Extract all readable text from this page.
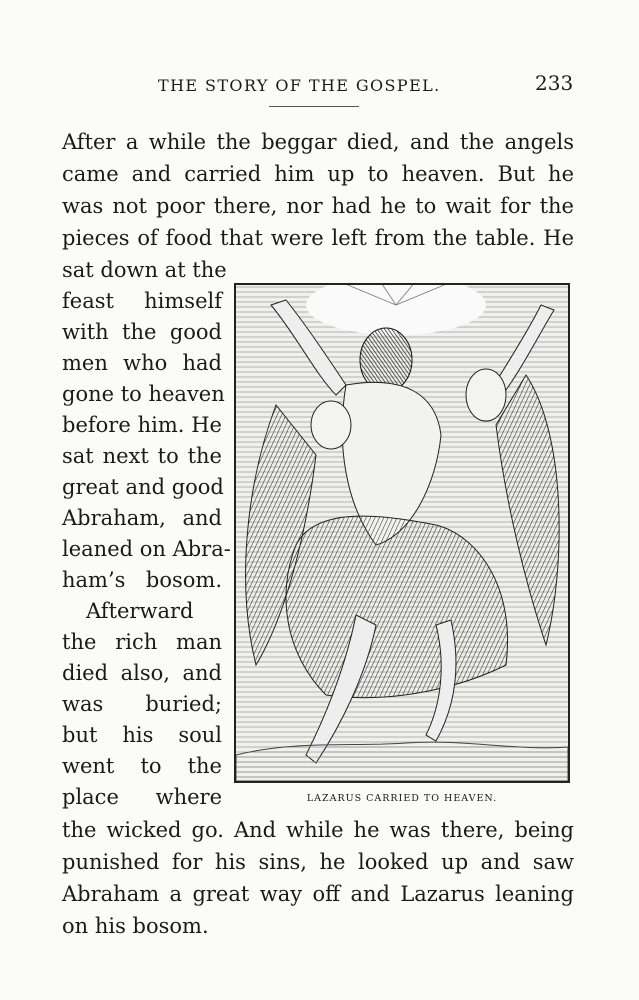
THE STORY OF THE GOSPEL.	233
After a while the beggar died, and the angels
came and carried him up to heaven. But he
was not poor there, nor had he to wait for the
pieces of food that were left from the table. He
sat down at the
feast himself
with the good
men who had
gone to heaven
before him. He
sat next to the
great and good
Abraham, and
leaned on Abra-
ham’s bosom.
Afterward
the rich man
died also, and
was buried;
but his soul
went to the
place where
the wicked go. And while he was there, being
punished for his sins, he looked up and saw
Abraham a great way off and Lazarus leaning
on his bosom.
LAZARUS CARRIED TO HEAVEN.
